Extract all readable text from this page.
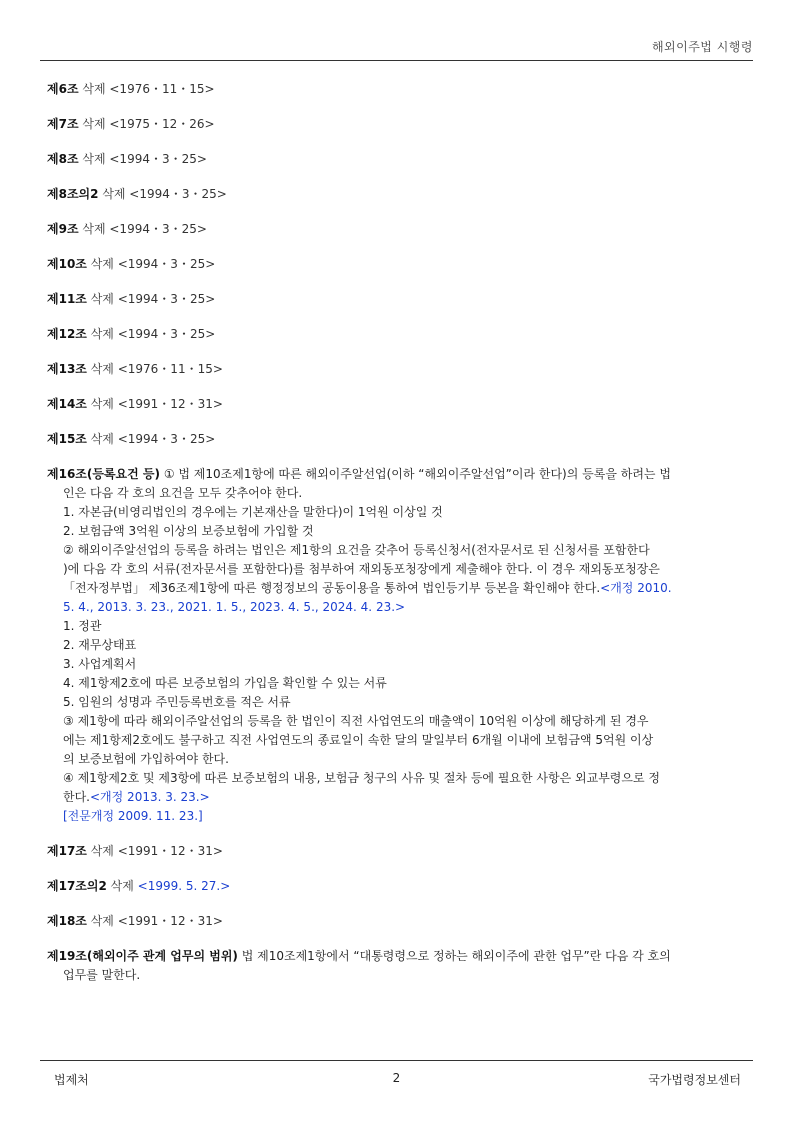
해외이주법 시행령
제6조 삭제 <1976・11・15>
제7조 삭제 <1975・12・26>
제8조 삭제 <1994・3・25>
제8조의2 삭제 <1994・3・25>
제9조 삭제 <1994・3・25>
제10조 삭제 <1994・3・25>
제11조 삭제 <1994・3・25>
제12조 삭제 <1994・3・25>
제13조 삭제 <1976・11・15>
제14조 삭제 <1991・12・31>
제15조 삭제 <1994・3・25>
제16조(등록요건 등) ① 법 제10조제1항에 따른 해외이주알선업(이하 “해외이주알선업”이라 한다)의 등록을 하려는 법
인은 다음 각 호의 요건을 모두 갖추어야 한다.
1. 자본금(비영리법인의 경우에는 기본재산을 말한다)이 1억원 이상일 것
2. 보험금액 3억원 이상의 보증보험에 가입할 것
② 해외이주알선업의 등록을 하려는 법인은 제1항의 요건을 갖추어 등록신청서(전자문서로 된 신청서를 포함한다
)에 다음 각 호의 서류(전자문서를 포함한다)를 첨부하여 재외동포청장에게 제출해야 한다. 이 경우 재외동포청장은
「전자정부법」 제36조제1항에 따른 행정정보의 공동이용을 통하여 법인등기부 등본을 확인해야 한다.<개정 2010.
5. 4., 2013. 3. 23., 2021. 1. 5., 2023. 4. 5., 2024. 4. 23.>
1. 정관
2. 재무상태표
3. 사업계획서
4. 제1항제2호에 따른 보증보험의 가입을 확인할 수 있는 서류
5. 임원의 성명과 주민등록번호를 적은 서류
③ 제1항에 따라 해외이주알선업의 등록을 한 법인이 직전 사업연도의 매출액이 10억원 이상에 해당하게 된 경우
에는 제1항제2호에도 불구하고 직전 사업연도의 종료일이 속한 달의 말일부터 6개월 이내에 보험금액 5억원 이상
의 보증보험에 가입하여야 한다.
④ 제1항제2호 및 제3항에 따른 보증보험의 내용, 보험금 청구의 사유 및 절차 등에 필요한 사항은 외교부령으로 정
한다.<개정 2013. 3. 23.>
[전문개정 2009. 11. 23.]
제17조 삭제 <1991・12・31>
제17조의2 삭제 <1999. 5. 27.>
제18조 삭제 <1991・12・31>
제19조(해외이주 관계 업무의 범위) 법 제10조제1항에서 “대통령령으로 정하는 해외이주에 관한 업무”란 다음 각 호의
업무를 말한다.
법제처	2	국가법령정보센터
